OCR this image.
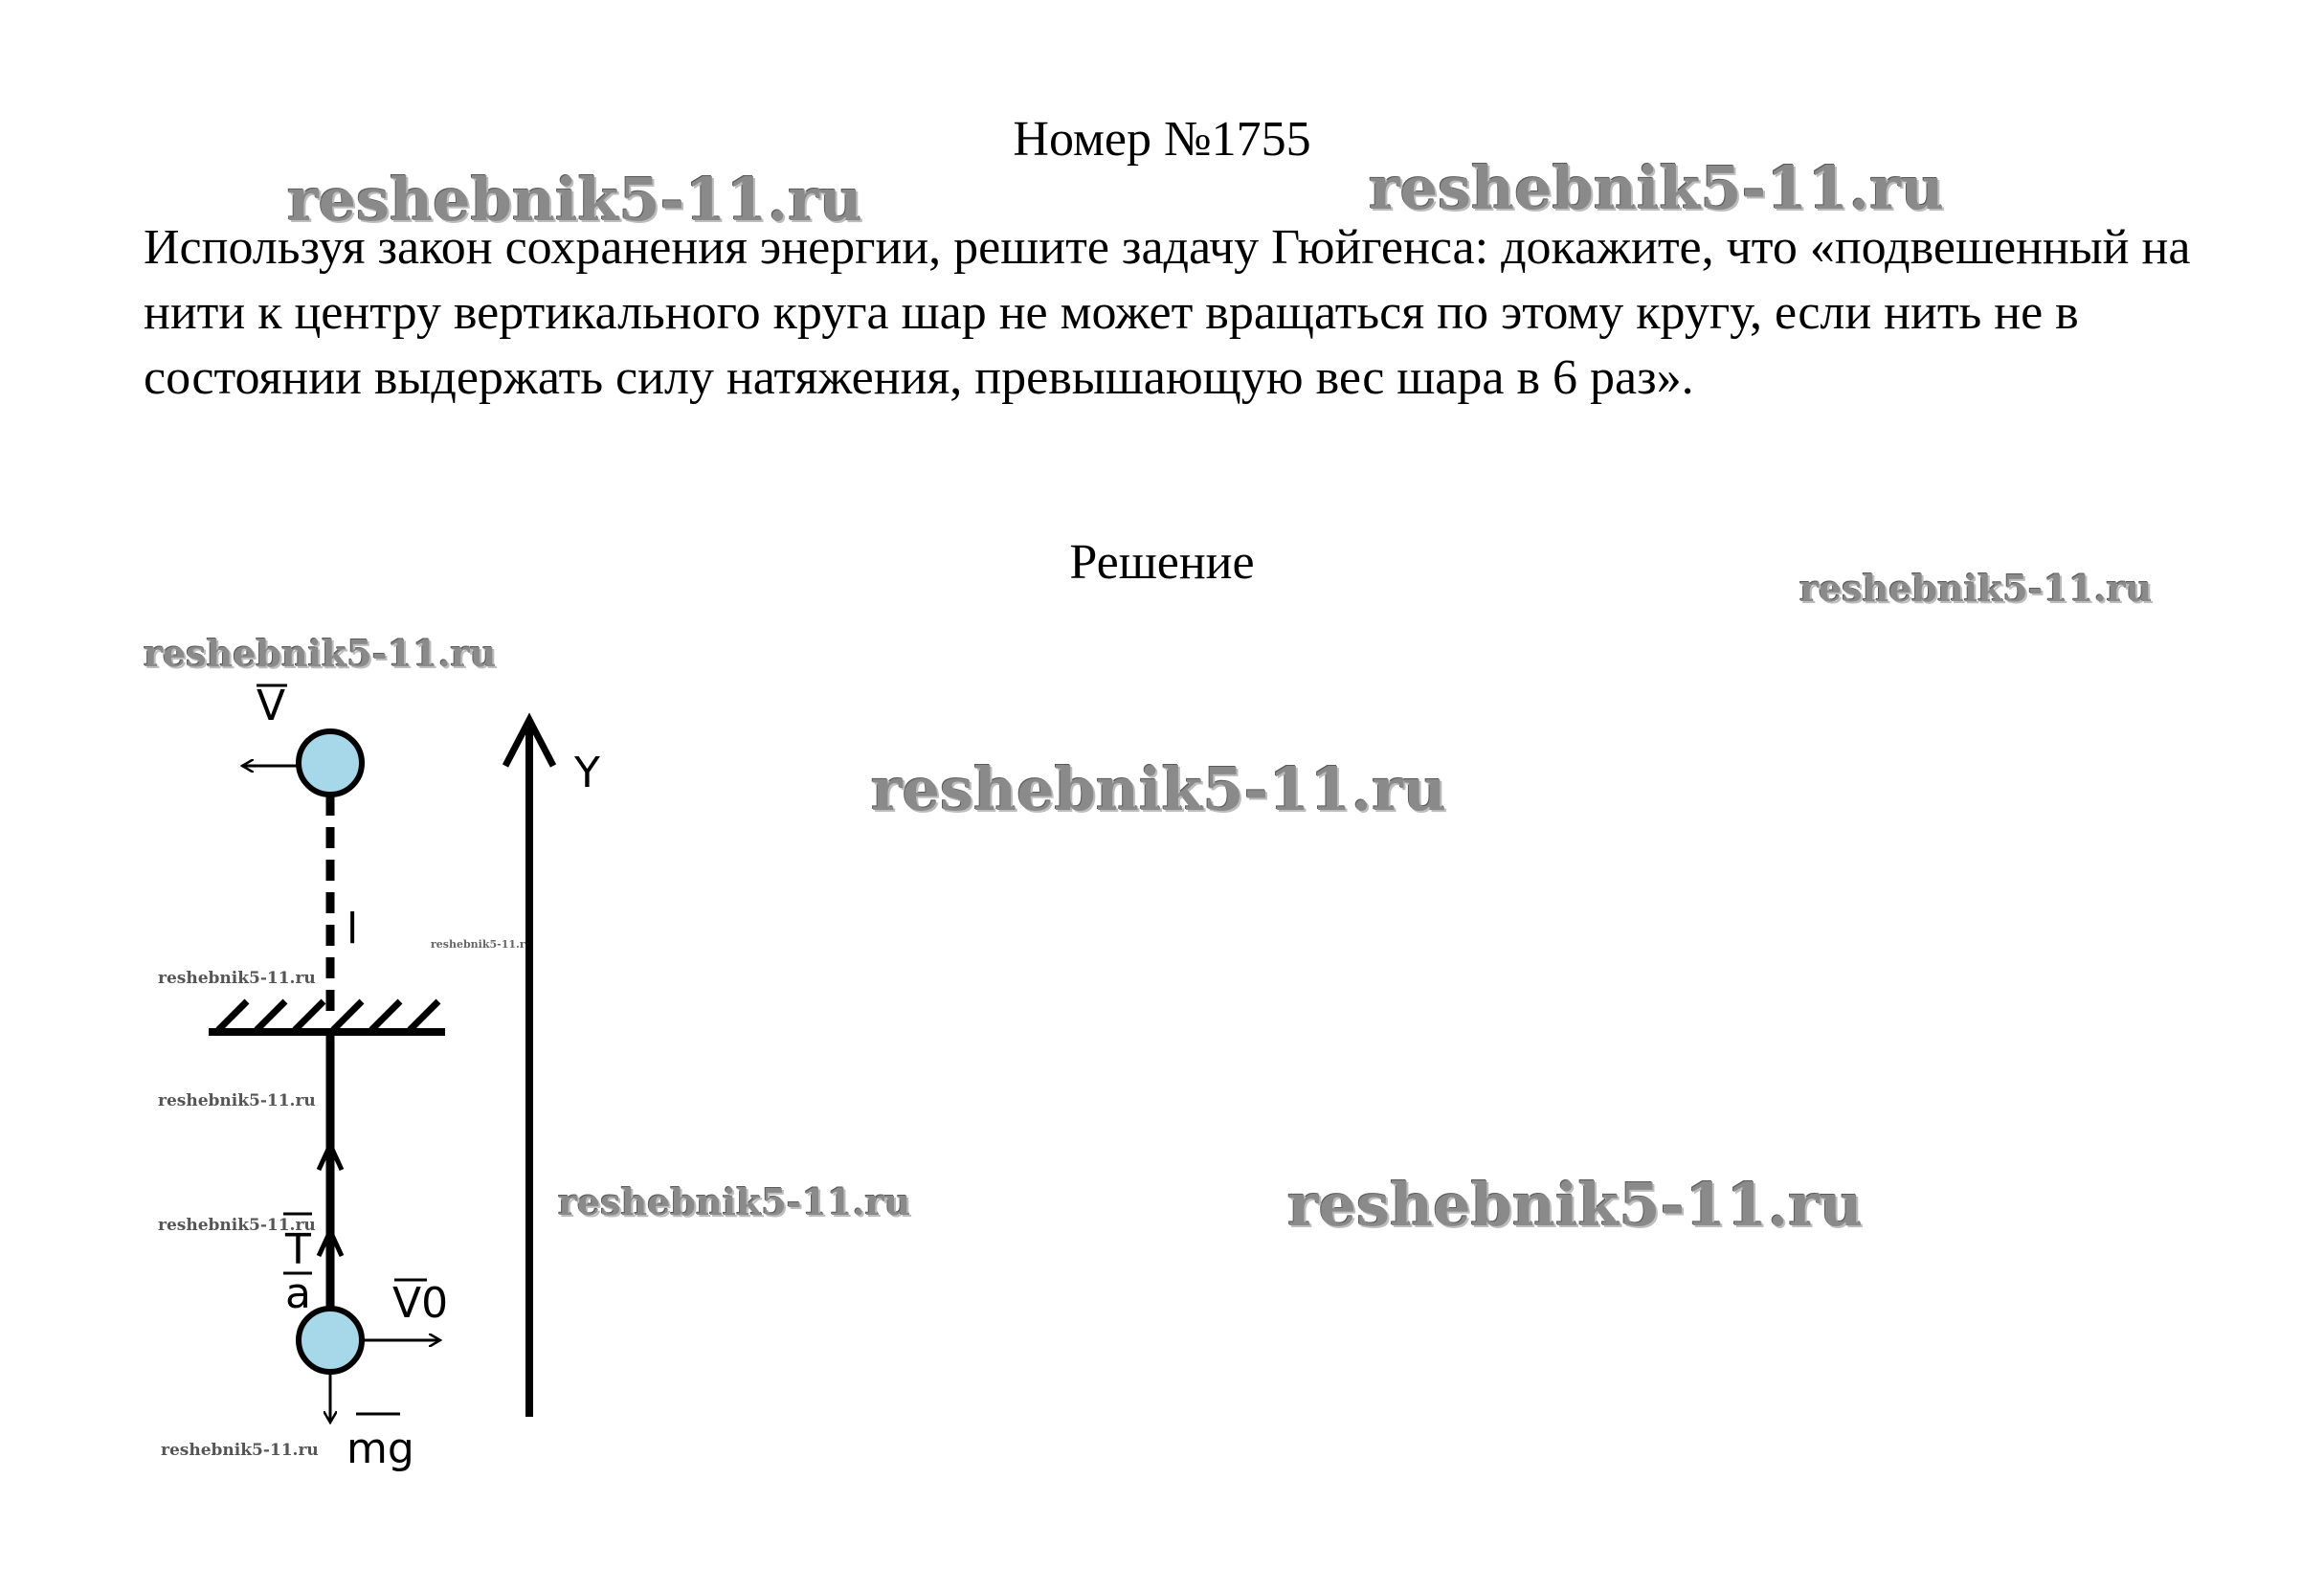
Номер №1755

Используя закон сохранения энергии, решите задачу Гюйгенса: докажите, что «подвешенный на нити к центру вертикального круга шар не может вращаться по этому кругу, если нить не в состоянии выдержать силу натяжения, превышающую вес шара в 6 раз».

Решение
reshebnik5-11.ru	reshebnik5-11.ru
reshebnik5-11.ru
reshebnik5-11.ru
reshebnik5-11.ru
reshebnik5-11.ru	reshebnik5-11.ru
reshebnik5-11.ru
reshebnik5-11.ru
reshebnik5-11.ru
reshebnik5-11.ru
reshebnik5-11.ru
Y
V
l
V0
mg
T
a
